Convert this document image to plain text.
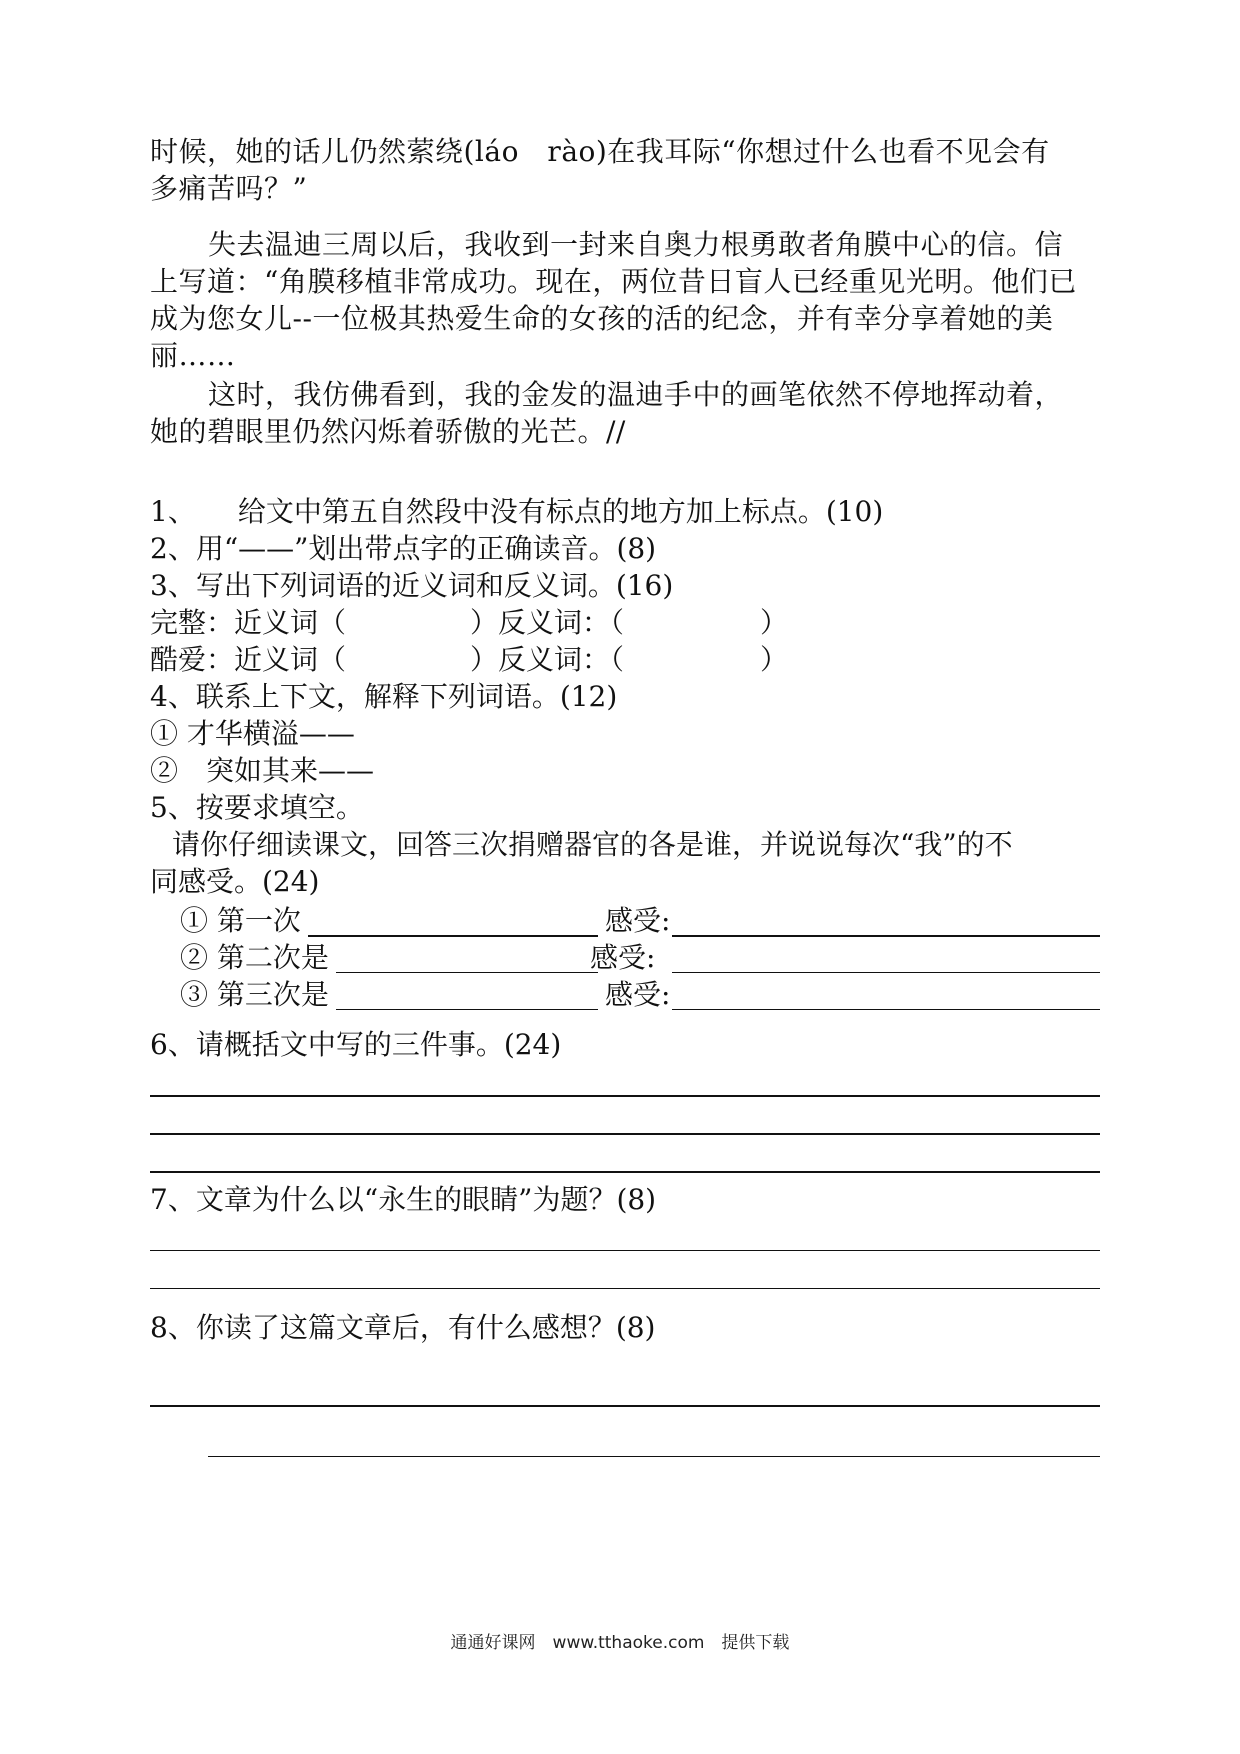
时候，她的话儿仍然萦绕(láo　rào)在我耳际“你想过什么也看不见会有
多痛苦吗？”
失去温迪三周以后，我收到一封来自奥力根勇敢者角膜中心的信。信
上写道：“角膜移植非常成功。现在，两位昔日盲人已经重见光明。他们已
成为您女儿--一位极其热爱生命的女孩的活的纪念，并有幸分享着她的美
丽……
这时，我仿佛看到，我的金发的温迪手中的画笔依然不停地挥动着，
她的碧眼里仍然闪烁着骄傲的光芒。//
1、　　给文中第五自然段中没有标点的地方加上标点。(10)
2、用“——”划出带点字的正确读音。(8)
3、写出下列词语的近义词和反义词。(16)
完整：近义词（	）反义词：（	）
酷爱：近义词（	）反义词：（	）
4、联系上下文，解释下列词语。(12)
① 才华横溢——
②　突如其来——
5、按要求填空。
请你仔细读课文，回答三次捐赠器官的各是谁，并说说每次“我”的不
同感受。(24)
① 第一次	感受:
② 第二次是	感受:
③ 第三次是	感受:
6、请概括文中写的三件事。(24)
7、文章为什么以“永生的眼睛”为题？(8)
8、你读了这篇文章后，有什么感想？(8)
通通好课网　www.tthaoke.com　提供下载
